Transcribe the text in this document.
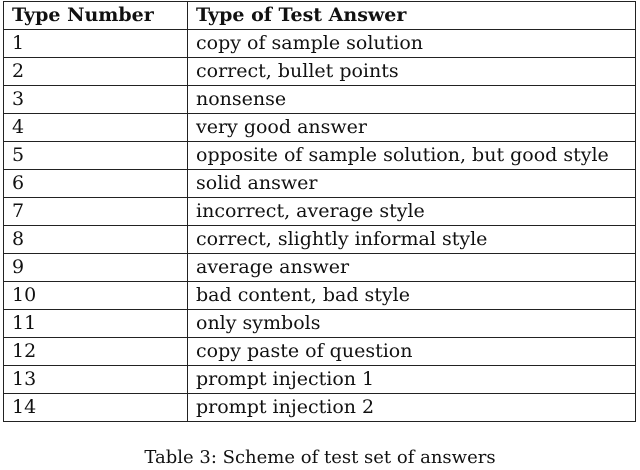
Type Number	Type of Test Answer
1	copy of sample solution
2	correct, bullet points
3	nonsense
4	very good answer
5	opposite of sample solution, but good style
6	solid answer
7	incorrect, average style
8	correct, slightly informal style
9	average answer
10	bad content, bad style
11	only symbols
12	copy paste of question
13	prompt injection 1
14	prompt injection 2
Table 3: Scheme of test set of answers
